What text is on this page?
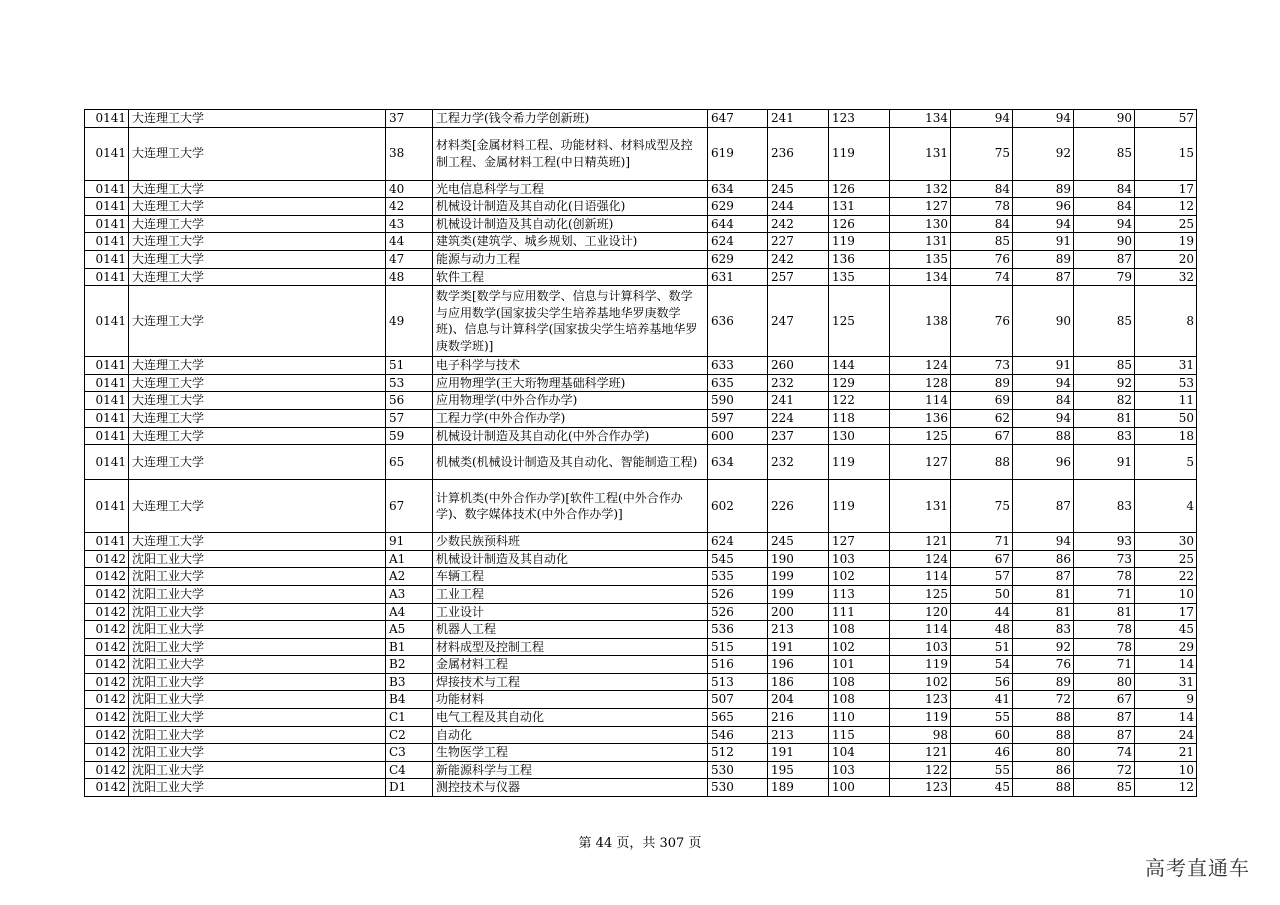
0141	大连理工大学	37	工程力学(钱令希力学创新班)	647	241	123	134	94	94	90	57
0141	大连理工大学	38	材料类[金属材料工程、功能材料、材料成型及控制工程、金属材料工程(中日精英班)]	619	236	119	131	75	92	85	15
0141	大连理工大学	40	光电信息科学与工程	634	245	126	132	84	89	84	17
0141	大连理工大学	42	机械设计制造及其自动化(日语强化)	629	244	131	127	78	96	84	12
0141	大连理工大学	43	机械设计制造及其自动化(创新班)	644	242	126	130	84	94	94	25
0141	大连理工大学	44	建筑类(建筑学、城乡规划、工业设计)	624	227	119	131	85	91	90	19
0141	大连理工大学	47	能源与动力工程	629	242	136	135	76	89	87	20
0141	大连理工大学	48	软件工程	631	257	135	134	74	87	79	32
0141	大连理工大学	49	数学类[数学与应用数学、信息与计算科学、数学与应用数学(国家拔尖学生培养基地华罗庚数学班)、信息与计算科学(国家拔尖学生培养基地华罗庚数学班)]	636	247	125	138	76	90	85	8
0141	大连理工大学	51	电子科学与技术	633	260	144	124	73	91	85	31
0141	大连理工大学	53	应用物理学(王大珩物理基础科学班)	635	232	129	128	89	94	92	53
0141	大连理工大学	56	应用物理学(中外合作办学)	590	241	122	114	69	84	82	11
0141	大连理工大学	57	工程力学(中外合作办学)	597	224	118	136	62	94	81	50
0141	大连理工大学	59	机械设计制造及其自动化(中外合作办学)	600	237	130	125	67	88	83	18
0141	大连理工大学	65	机械类(机械设计制造及其自动化、智能制造工程)	634	232	119	127	88	96	91	5
0141	大连理工大学	67	计算机类(中外合作办学)[软件工程(中外合作办学)、数字媒体技术(中外合作办学)]	602	226	119	131	75	87	83	4
0141	大连理工大学	91	少数民族预科班	624	245	127	121	71	94	93	30
0142	沈阳工业大学	A1	机械设计制造及其自动化	545	190	103	124	67	86	73	25
0142	沈阳工业大学	A2	车辆工程	535	199	102	114	57	87	78	22
0142	沈阳工业大学	A3	工业工程	526	199	113	125	50	81	71	10
0142	沈阳工业大学	A4	工业设计	526	200	111	120	44	81	81	17
0142	沈阳工业大学	A5	机器人工程	536	213	108	114	48	83	78	45
0142	沈阳工业大学	B1	材料成型及控制工程	515	191	102	103	51	92	78	29
0142	沈阳工业大学	B2	金属材料工程	516	196	101	119	54	76	71	14
0142	沈阳工业大学	B3	焊接技术与工程	513	186	108	102	56	89	80	31
0142	沈阳工业大学	B4	功能材料	507	204	108	123	41	72	67	9
0142	沈阳工业大学	C1	电气工程及其自动化	565	216	110	119	55	88	87	14
0142	沈阳工业大学	C2	自动化	546	213	115	98	60	88	87	24
0142	沈阳工业大学	C3	生物医学工程	512	191	104	121	46	80	74	21
0142	沈阳工业大学	C4	新能源科学与工程	530	195	103	122	55	86	72	10
0142	沈阳工业大学	D1	测控技术与仪器	530	189	100	123	45	88	85	12
第 44 页，共 307 页
高考直通车
